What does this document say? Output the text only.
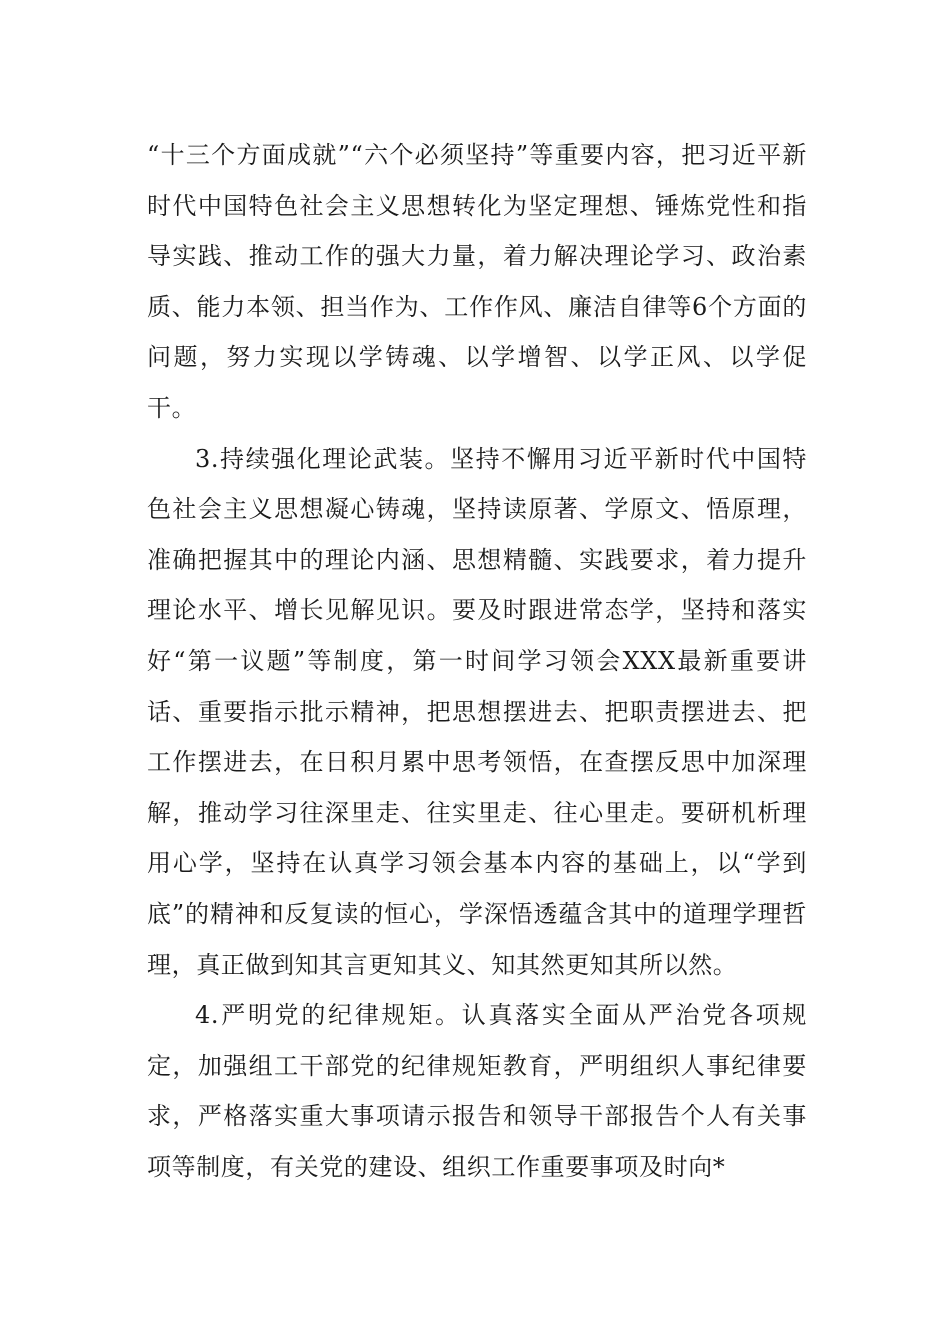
“十三个方面成就”“六个必须坚持”等重要内容，把习近平新时代中国特色社会主义思想转化为坚定理想、锤炼党性和指导实践、推动工作的强大力量，着力解决理论学习、政治素质、能力本领、担当作为、工作作风、廉洁自律等6个方面的问题，努力实现以学铸魂、以学增智、以学正风、以学促干。

3.持续强化理论武装。坚持不懈用习近平新时代中国特色社会主义思想凝心铸魂，坚持读原著、学原文、悟原理，准确把握其中的理论内涵、思想精髓、实践要求，着力提升理论水平、增长见解见识。要及时跟进常态学，坚持和落实好“第一议题”等制度，第一时间学习领会XXX最新重要讲话、重要指示批示精神，把思想摆进去、把职责摆进去、把工作摆进去，在日积月累中思考领悟，在查摆反思中加深理解，推动学习往深里走、往实里走、往心里走。要研机析理用心学，坚持在认真学习领会基本内容的基础上，以“学到底”的精神和反复读的恒心，学深悟透蕴含其中的道理学理哲理，真正做到知其言更知其义、知其然更知其所以然。

4.严明党的纪律规矩。认真落实全面从严治党各项规定，加强组工干部党的纪律规矩教育，严明组织人事纪律要求，严格落实重大事项请示报告和领导干部报告个人有关事项等制度，有关党的建设、组织工作重要事项及时向*
